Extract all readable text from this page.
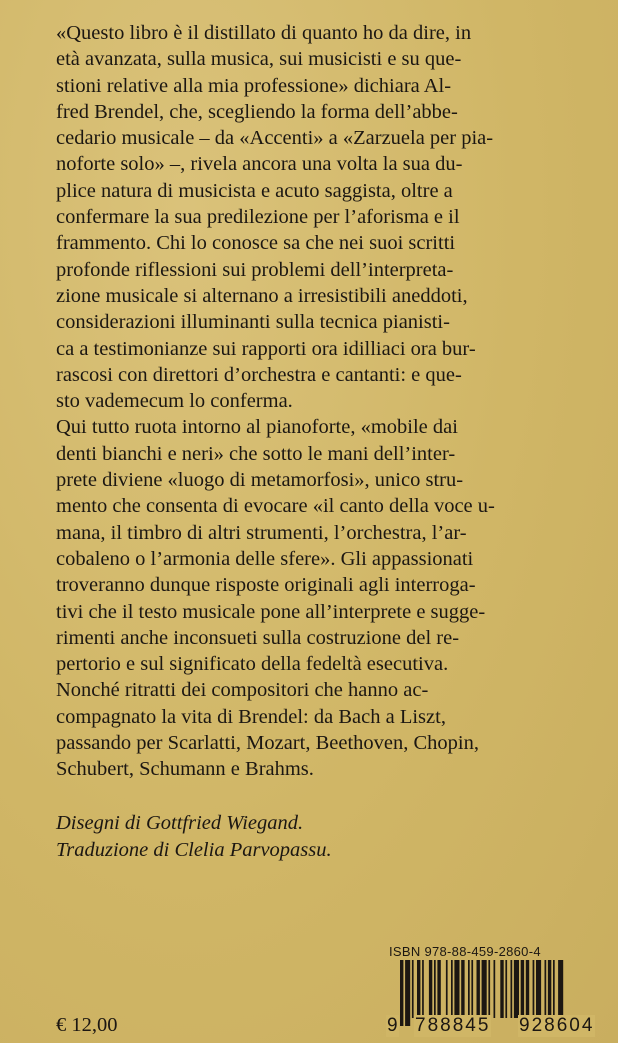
«Questo libro è il distillato di quanto ho da dire, in

età avanzata, sulla musica, sui musicisti e su que-

stioni relative alla mia professione» dichiara Al-

fred Brendel, che, scegliendo la forma dell’abbe-

cedario musicale – da «Accenti» a «Zarzuela per pia-

noforte solo» –, rivela ancora una volta la sua du-

plice natura di musicista e acuto saggista, oltre a

confermare la sua predilezione per l’aforisma e il

frammento. Chi lo conosce sa che nei suoi scritti

profonde riflessioni sui problemi dell’interpreta-

zione musicale si alternano a irresistibili aneddoti,

considerazioni illuminanti sulla tecnica pianisti-

ca a testimonianze sui rapporti ora idilliaci ora bur-

rascosi con direttori d’orchestra e cantanti: e que-

sto vademecum lo conferma.

Qui tutto ruota intorno al pianoforte, «mobile dai

denti bianchi e neri» che sotto le mani dell’inter-

prete diviene «luogo di metamorfosi», unico stru-

mento che consenta di evocare «il canto della voce u-

mana, il timbro di altri strumenti, l’orchestra, l’ar-

cobaleno o l’armonia delle sfere». Gli appassionati

troveranno dunque risposte originali agli interroga-

tivi che il testo musicale pone all’interprete e sugge-

rimenti anche inconsueti sulla costruzione del re-

pertorio e sul significato della fedeltà esecutiva.

Nonché ritratti dei compositori che hanno ac-

compagnato la vita di Brendel: da Bach a Liszt,

passando per Scarlatti, Mozart, Beethoven, Chopin,

Schubert, Schumann e Brahms.

Disegni di Gottfried Wiegand.

Traduzione di Clelia Parvopassu.

ISBN 978-88-459-2860-4
9 788845 928604
€ 12,00
